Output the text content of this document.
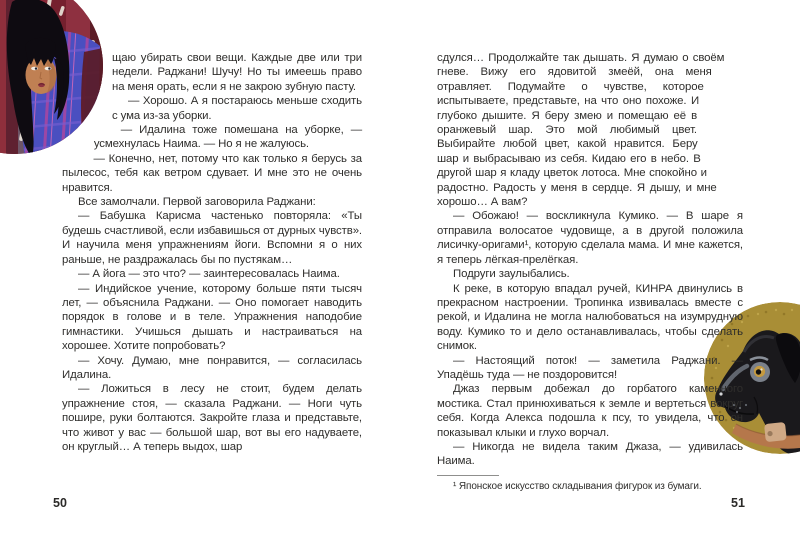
щаю убирать свои вещи. Каждые две или три недели. Раджани! Шучу! Но ты имеешь право на меня орать, если я не закрою зубную пасту.

— Хорошо. А я постараюсь меньше сходить с ума из-за уборки.

— Идалина тоже помешана на уборке, — усмехнулась Наима. — Но я не жалуюсь.

— Конечно, нет, потому что как только я берусь за пылесос, тебя как ветром сдувает. И мне это не очень нравится.

Все замолчали. Первой заговорила Раджани:

— Бабушка Карисма частенько повторяла: «Ты будешь счастливой, если избавишься от дурных чувств». И научила меня упражнениям йоги. Вспомни я о них раньше, не раздражалась бы по пустякам…

— А йога — это что? — заинтересовалась Наима.

— Индийское учение, которому больше пяти тысяч лет, — объяснила Раджани. — Оно помогает наводить порядок в голове и в теле. Упражнения наподобие гимнастики. Учишься дышать и настраиваться на хорошее. Хотите попробовать?

— Хочу. Думаю, мне понравится, — согласилась Идалина.

— Ложиться в лесу не стоит, будем делать упражнение стоя, — сказала Раджани. — Ноги чуть пошире, руки болтаются. Закройте глаза и представьте, что живот у вас — большой шар, вот вы его надуваете, он круглый… А теперь выдох, шар

50

сдулся… Продолжайте так дышать. Я думаю о своём гневе. Вижу его ядовитой змеёй, она меня отравляет. Подумайте о чувстве, которое испытываете, представьте, на что оно похоже. И глубоко дышите. Я беру змею и помещаю её в оранжевый шар. Это мой любимый цвет. Выбирайте любой цвет, какой нравится. Беру шар и выбрасываю из себя. Кидаю его в небо. В другой шар я кладу цветок лотоса. Мне спокойно и радостно. Радость у меня в сердце. Я дышу, и мне хорошо… А вам?

— Обожаю! — воскликнула Кумико. — В шаре я отправила волосатое чудовище, а в другой положила лисичку-оригами¹, которую сделала мама. И мне кажется, я теперь лёгкая-прелёгкая.

Подруги заулыбались.

К реке, в которую впадал ручей, КИНРА двинулись в прекрасном настроении. Тропинка извивалась вместе с рекой, и Идалина не могла налюбоваться на изумрудную воду. Кумико то и дело останавливалась, чтобы сделать снимок.

— Настоящий поток! — заметила Раджани. — Упадёшь туда — не поздоровится!

Джаз первым добежал до горбатого каменного мостика. Стал принюхиваться к земле и вертеться вокруг себя. Когда Алекса подошла к псу, то увидела, что он показывал клыки и глухо ворчал.

— Никогда не видела таким Джаза, — удивилась Наима.

¹ Японское искусство складывания фигурок из бумаги.

51
